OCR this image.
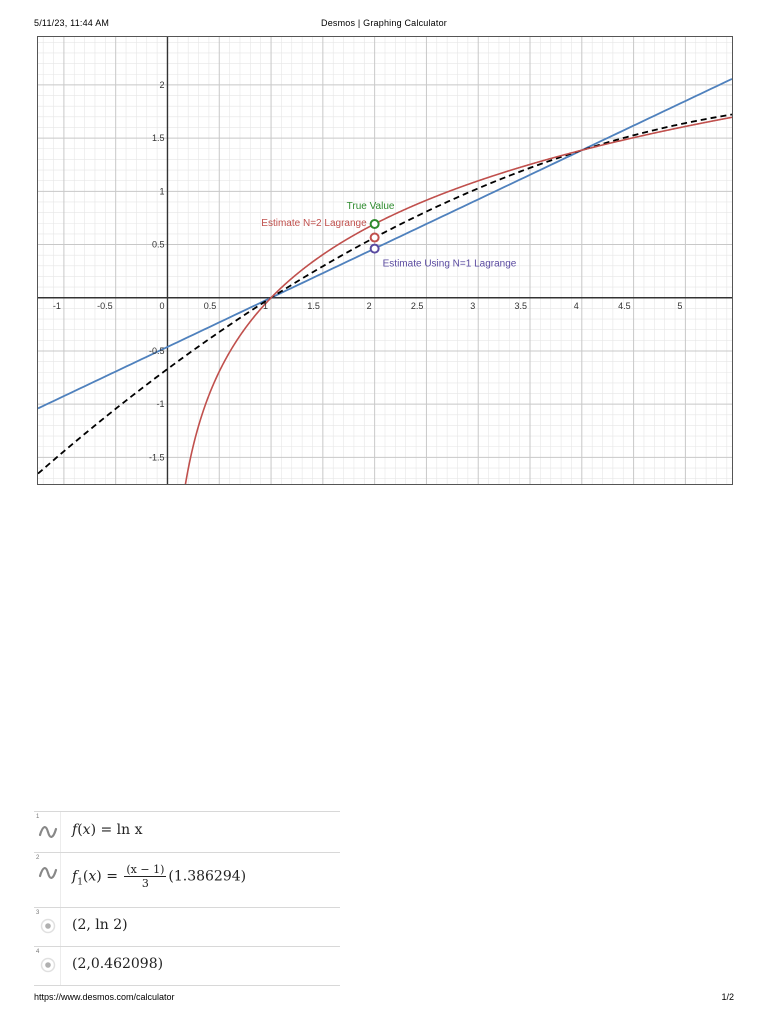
5/11/23, 11:44 AM	Desmos | Graphing Calculator
-1	-0.5	0	0.5	1	1.5	2	2.5	3	3.5	4	4.5	5
2
1.5
1
0.5
-0.5
-1
-1.5
True Value
Estimate N=2 Lagrange
Estimate Using N=1 Lagrange
1
f(x) = ln x
2
$f_1(x) = \frac{(x - 1)}{3} (1.386294)$
3
(2, ln 2)
4
(2,0.462098)
https://www.desmos.com/calculator	1/2
